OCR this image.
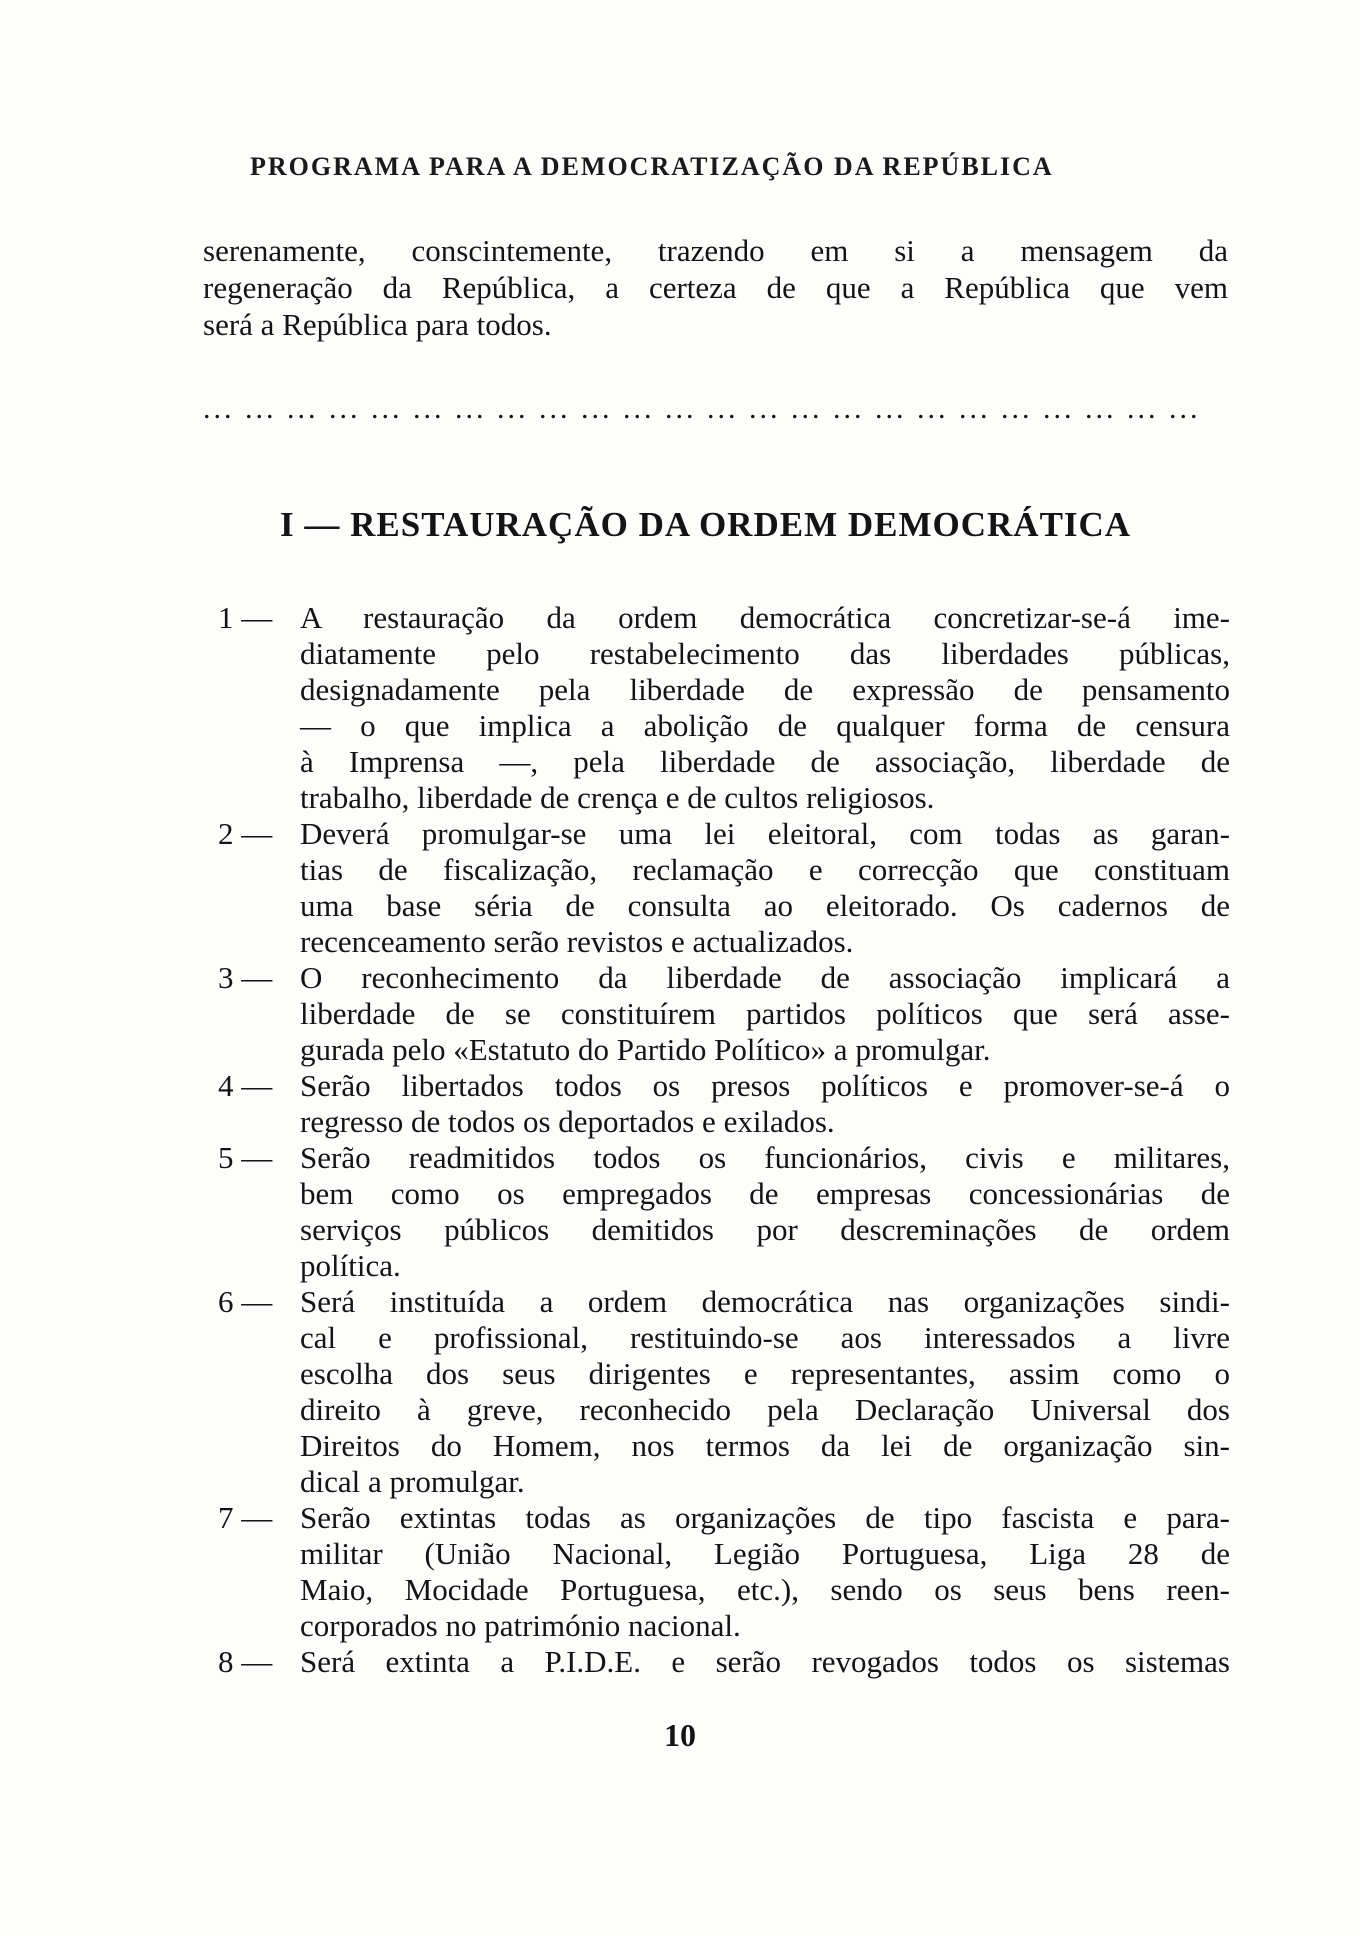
PROGRAMA PARA A DEMOCRATIZAÇÃO DA REPÚBLICA
serenamente, conscintemente, trazendo em si a mensagem da
regeneração da República, a certeza de que a República que vem
será a República para todos.
... ... ... ... ... ... ... ... ... ... ... ... ... ... ... ... ... ... ... ... ... ... ... ...
I — RESTAURAÇÃO DA ORDEM DEMOCRÁTICA
1 — A restauração da ordem democrática concretizar-se-á ime-
diatamente pelo restabelecimento das liberdades públicas,
designadamente pela liberdade de expressão de pensamento
— o que implica a abolição de qualquer forma de censura
à Imprensa —, pela liberdade de associação, liberdade de
trabalho, liberdade de crença e de cultos religiosos.
2 — Deverá promulgar-se uma lei eleitoral, com todas as garan-
tias de fiscalização, reclamação e correcção que constituam
uma base séria de consulta ao eleitorado. Os cadernos de
recenceamento serão revistos e actualizados.
3 — O reconhecimento da liberdade de associação implicará a
liberdade de se constituírem partidos políticos que será asse-
gurada pelo «Estatuto do Partido Político» a promulgar.
4 — Serão libertados todos os presos políticos e promover-se-á o
regresso de todos os deportados e exilados.
5 — Serão readmitidos todos os funcionários, civis e militares,
bem como os empregados de empresas concessionárias de
serviços públicos demitidos por descreminações de ordem
política.
6 — Será instituída a ordem democrática nas organizações sindi-
cal e profissional, restituindo-se aos interessados a livre
escolha dos seus dirigentes e representantes, assim como o
direito à greve, reconhecido pela Declaração Universal dos
Direitos do Homem, nos termos da lei de organização sin-
dical a promulgar.
7 — Serão extintas todas as organizações de tipo fascista e para-
militar (União Nacional, Legião Portuguesa, Liga 28 de
Maio, Mocidade Portuguesa, etc.), sendo os seus bens reen-
corporados no património nacional.
8 — Será extinta a P.I.D.E. e serão revogados todos os sistemas
10
